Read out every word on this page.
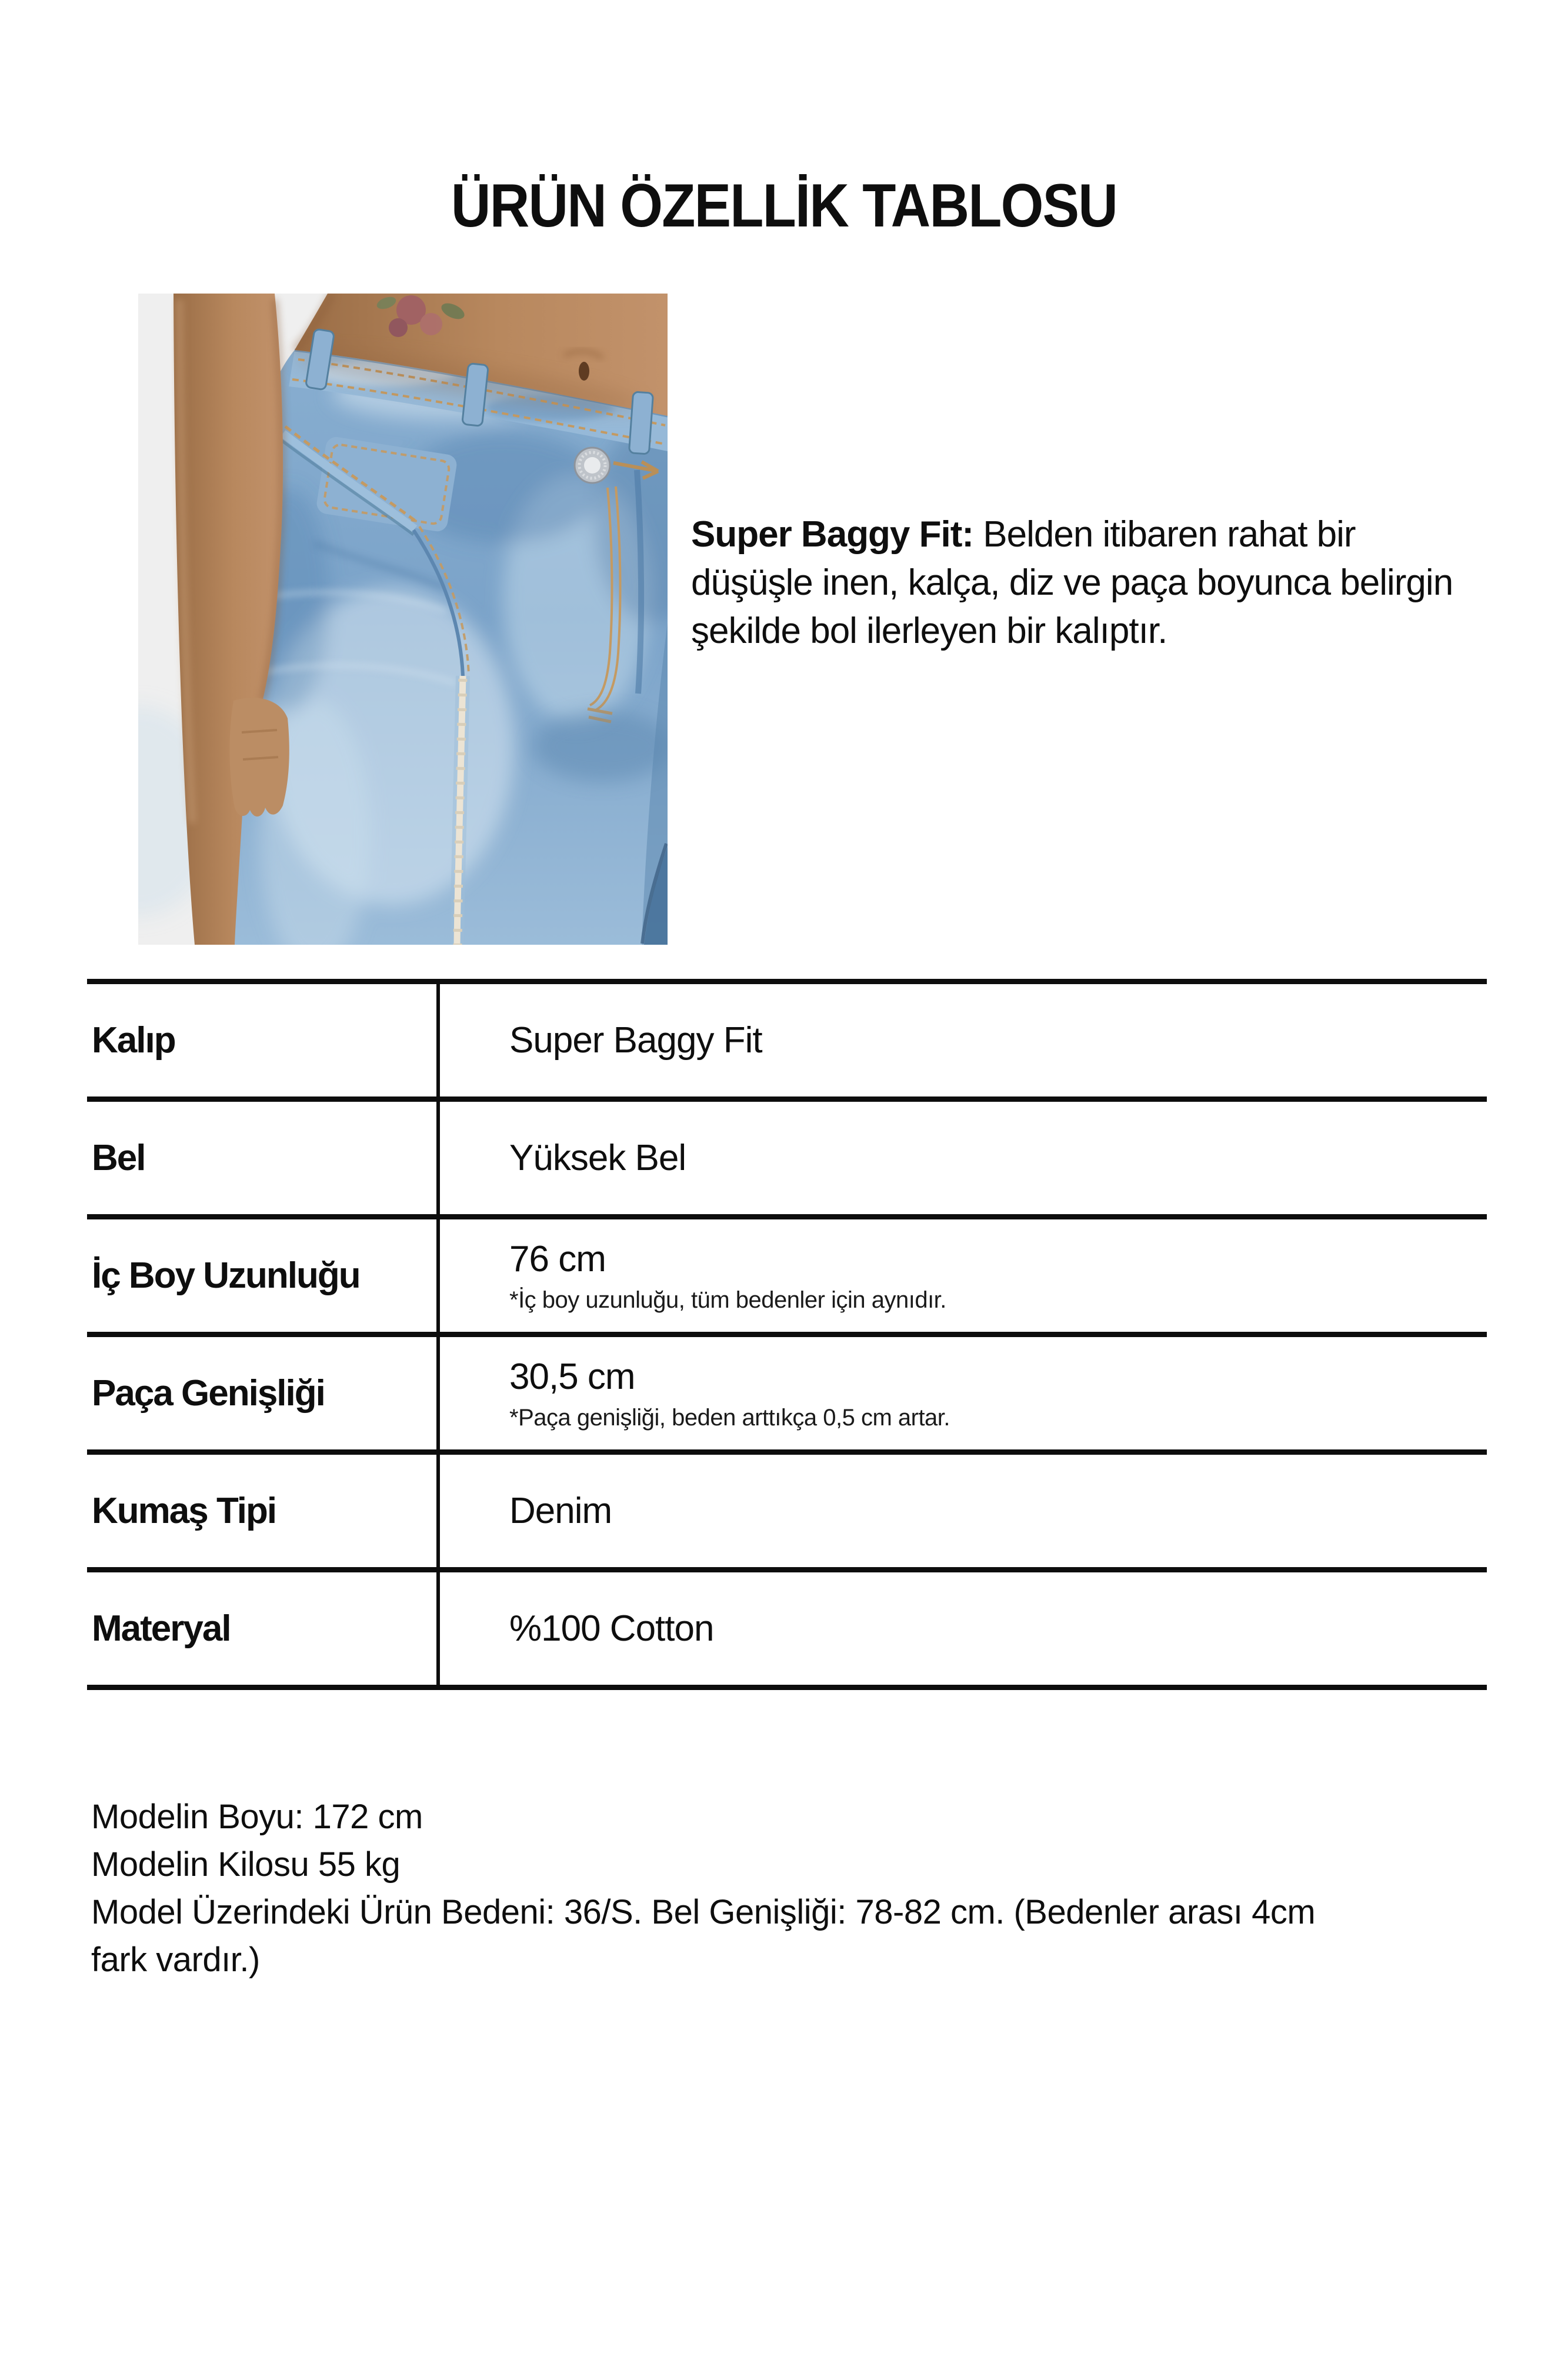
ÜRÜN ÖZELLİK TABLOSU

Super Baggy Fit: Belden itibaren rahat bir düşüşle inen, kalça, diz ve paça boyunca belirgin şekilde bol ilerleyen bir kalıptır.

Kalıp	Super Baggy Fit
Bel	Yüksek Bel
İç Boy Uzunluğu	76 cm
*İç boy uzunluğu, tüm bedenler için aynıdır.
Paça Genişliği	30,5 cm
*Paça genişliği, beden arttıkça 0,5 cm artar.
Kumaş Tipi	Denim
Materyal	%100 Cotton
Modelin Boyu: 172 cm
Modelin Kilosu 55 kg
Model Üzerindeki Ürün Bedeni: 36/S. Bel Genişliği: 78-82 cm. (Bedenler arası 4cm fark vardır.)
